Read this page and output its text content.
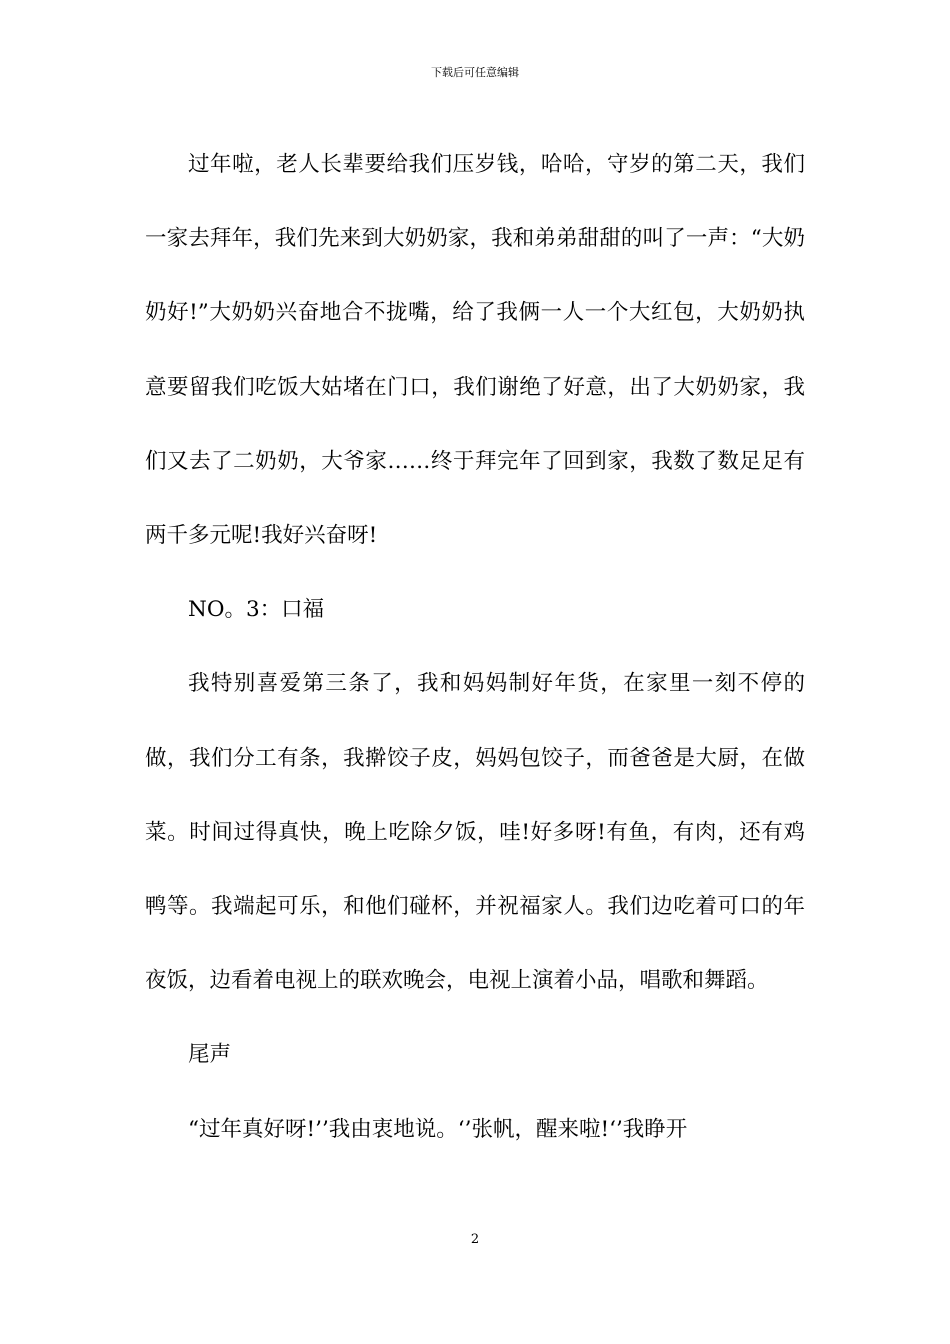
下载后可任意编辑

过年啦，老人长辈要给我们压岁钱，哈哈，守岁的第二天，我们一家去拜年，我们先来到大奶奶家，我和弟弟甜甜的叫了一声：“大奶奶好!”大奶奶兴奋地合不拢嘴，给了我俩一人一个大红包，大奶奶执意要留我们吃饭大姑堵在门口，我们谢绝了好意，出了大奶奶家，我们又去了二奶奶，大爷家……终于拜完年了回到家，我数了数足足有两千多元呢!我好兴奋呀!

NO。3：口福

我特别喜爱第三条了，我和妈妈制好年货，在家里一刻不停的做，我们分工有条，我擀饺子皮，妈妈包饺子，而爸爸是大厨，在做菜。时间过得真快，晚上吃除夕饭，哇!好多呀!有鱼，有肉，还有鸡鸭等。我端起可乐，和他们碰杯，并祝福家人。我们边吃着可口的年夜饭，边看着电视上的联欢晚会，电视上演着小品，唱歌和舞蹈。

尾声

“过年真好呀!’’我由衷地说。‘’张帆，醒来啦!‘’我睁开

2
